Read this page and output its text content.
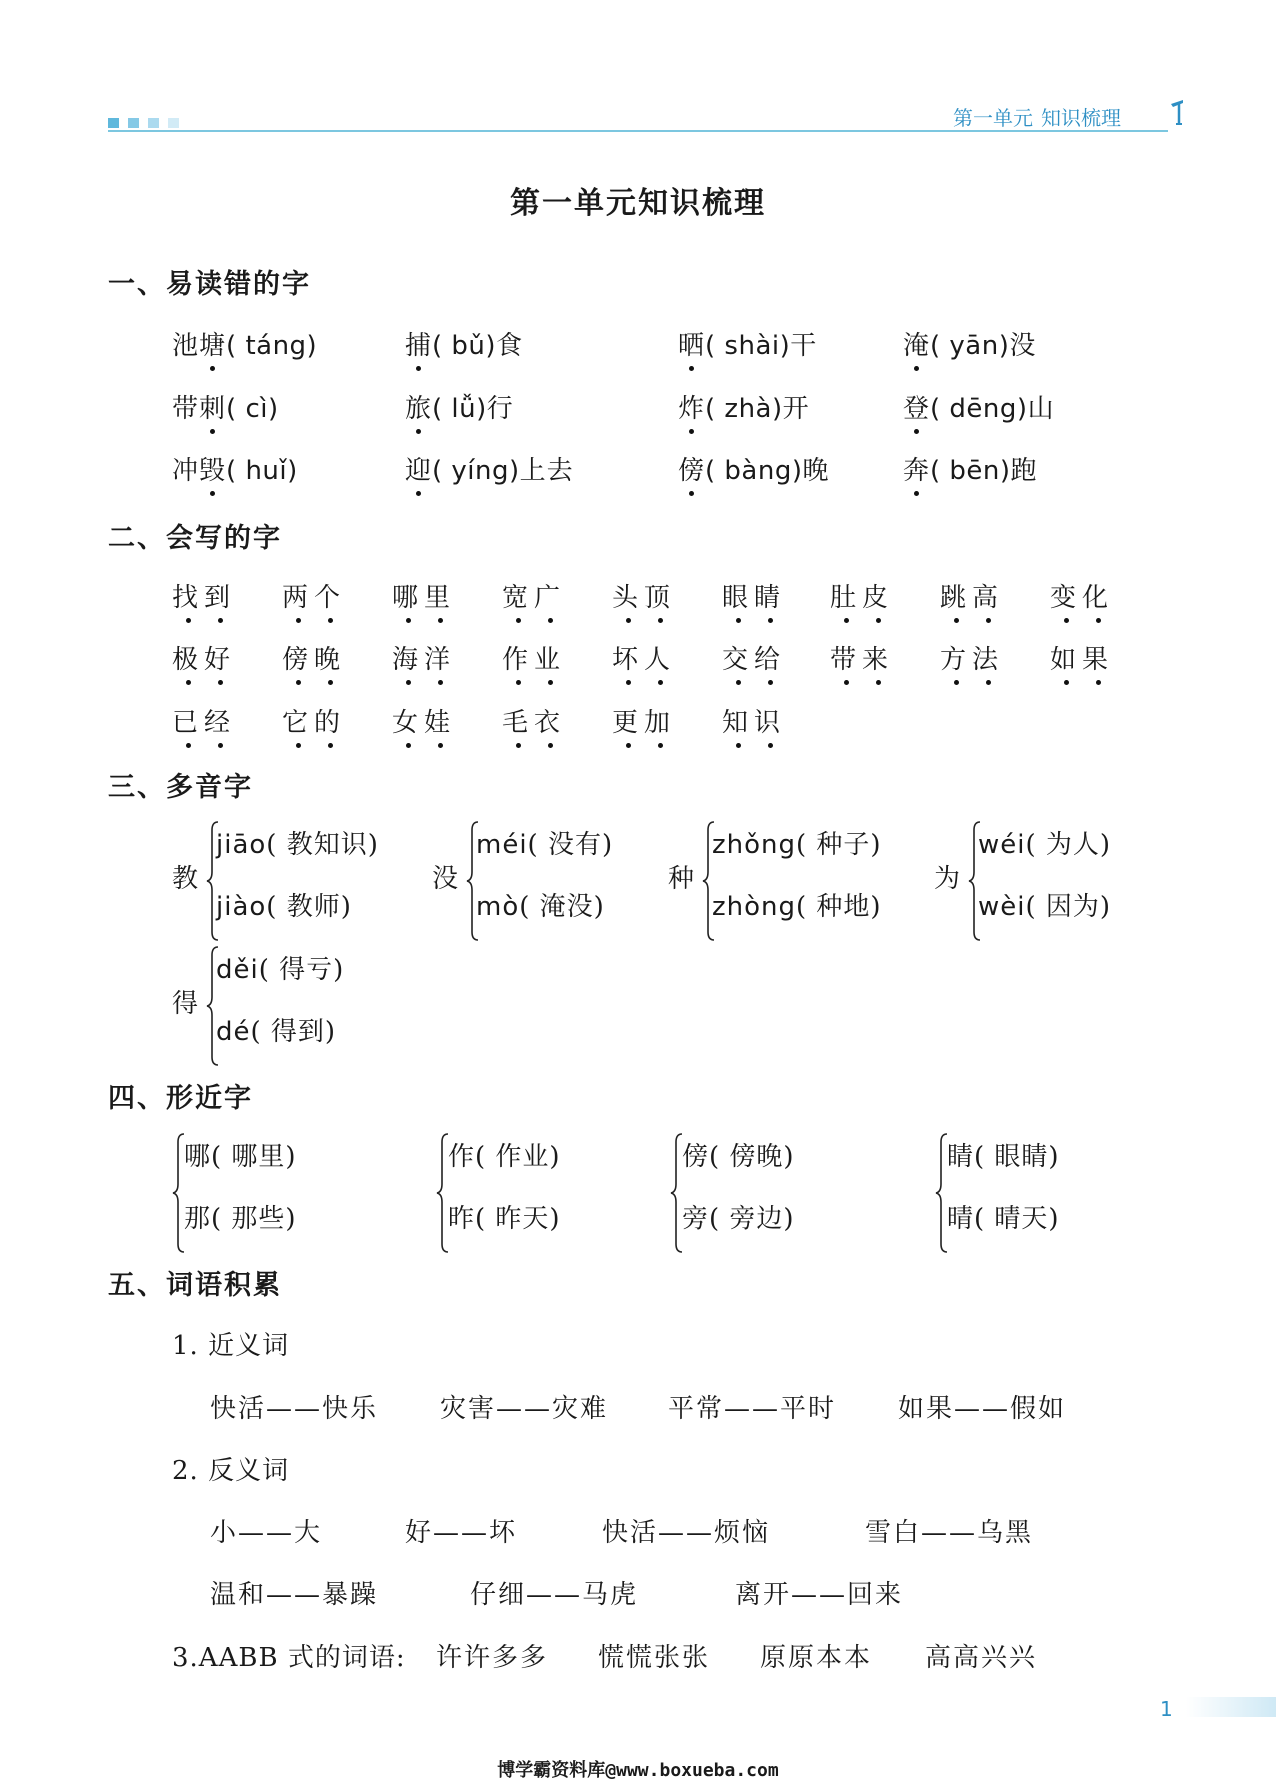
第一单元 知识梳理
第一单元知识梳理
一、易读错的字
池塘( táng)	捕( bǔ)食	晒( shài)干	淹( yān)没
带刺( cì)	旅( lǚ)行	炸( zhà)开	登( dēng)山
冲毁( huǐ)	迎( yíng)上去	傍( bàng)晚	奔( bēn)跑
二、会写的字
找到 两个 哪里 宽广 头顶 眼睛 肚皮 跳高 变化
极好 傍晚 海洋 作业 坏人 交给 带来 方法 如果
已经 它的 女娃 毛衣 更加 知识
三、多音字
教
jiāo( 教知识)
jiào( 教师)
没
méi( 没有)
mò( 淹没)
种
zhǒng( 种子)
zhòng( 种地)
为
wéi( 为人)
wèi( 因为)
得
děi( 得亏)
dé( 得到)
四、形近字
哪( 哪里)
那( 那些)
作( 作业)
昨( 昨天)
傍( 傍晚)
旁( 旁边)
睛( 眼睛)
晴( 晴天)
五、词语积累
1. 近义词
快活——快乐 灾害——灾难 平常——平时 如果——假如
2. 反义词
小——大	好——坏	快活——烦恼	雪白——乌黑
温和——暴躁	仔细——马虎	离开——回来
3.AABB 式的词语: 许许多多 慌慌张张 原原本本 高高兴兴
1
博学霸资料库@www.boxueba.com
